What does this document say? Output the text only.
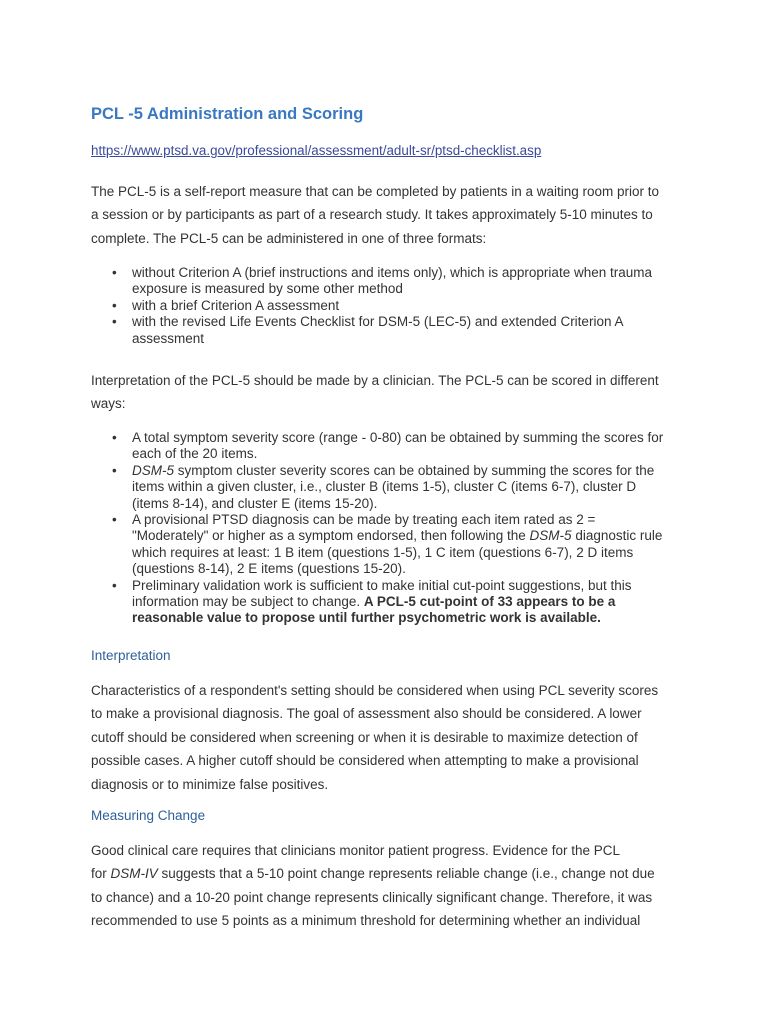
PCL -5 Administration and Scoring
https://www.ptsd.va.gov/professional/assessment/adult-sr/ptsd-checklist.asp

The PCL-5 is a self-report measure that can be completed by patients in a waiting room prior to
a session or by participants as part of a research study. It takes approximately 5-10 minutes to
complete. The PCL-5 can be administered in one of three formats:

• without Criterion A (brief instructions and items only), which is appropriate when trauma
exposure is measured by some other method
• with a brief Criterion A assessment
• with the revised Life Events Checklist for DSM-5 (LEC-5) and extended Criterion A
assessment

Interpretation of the PCL-5 should be made by a clinician. The PCL-5 can be scored in different
ways:

• A total symptom severity score (range - 0-80) can be obtained by summing the scores for
each of the 20 items.
• DSM-5 symptom cluster severity scores can be obtained by summing the scores for the
items within a given cluster, i.e., cluster B (items 1-5), cluster C (items 6-7), cluster D
(items 8-14), and cluster E (items 15-20).
• A provisional PTSD diagnosis can be made by treating each item rated as 2 =
"Moderately" or higher as a symptom endorsed, then following the DSM-5 diagnostic rule
which requires at least: 1 B item (questions 1-5), 1 C item (questions 6-7), 2 D items
(questions 8-14), 2 E items (questions 15-20).
• Preliminary validation work is sufficient to make initial cut-point suggestions, but this
information may be subject to change. A PCL-5 cut-point of 33 appears to be a
reasonable value to propose until further psychometric work is available.
Interpretation

Characteristics of a respondent's setting should be considered when using PCL severity scores
to make a provisional diagnosis. The goal of assessment also should be considered. A lower
cutoff should be considered when screening or when it is desirable to maximize detection of
possible cases. A higher cutoff should be considered when attempting to make a provisional
diagnosis or to minimize false positives.

Measuring Change

Good clinical care requires that clinicians monitor patient progress. Evidence for the PCL
for DSM-IV suggests that a 5-10 point change represents reliable change (i.e., change not due
to chance) and a 10-20 point change represents clinically significant change. Therefore, it was
recommended to use 5 points as a minimum threshold for determining whether an individual
